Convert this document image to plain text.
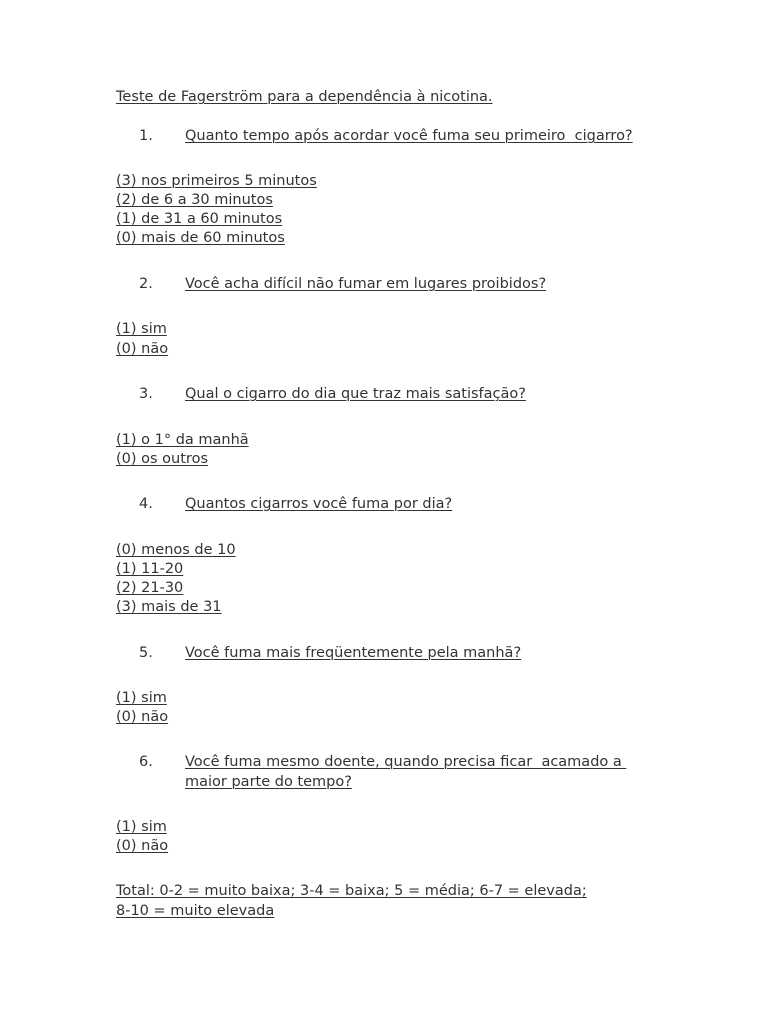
Teste de Fagerström para a dependência à nicotina.
1. Quanto tempo após acordar você fuma seu primeiro  cigarro?
(3) nos primeiros 5 minutos
(2) de 6 a 30 minutos
(1) de 31 a 60 minutos
(0) mais de 60 minutos
2. Você acha difícil não fumar em lugares proibidos?
(1) sim
(0) não
3. Qual o cigarro do dia que traz mais satisfação?
(1) o 1° da manhã
(0) os outros
4. Quantos cigarros você fuma por dia?
(0) menos de 10
(1) 11-20
(2) 21-30
(3) mais de 31
5. Você fuma mais freqüentemente pela manhã?
(1) sim
(0) não
6. Você fuma mesmo doente, quando precisa ficar  acamado a
maior parte do tempo?
(1) sim
(0) não
Total: 0-2 = muito baixa; 3-4 = baixa; 5 = média; 6-7 = elevada;
8-10 = muito elevada
